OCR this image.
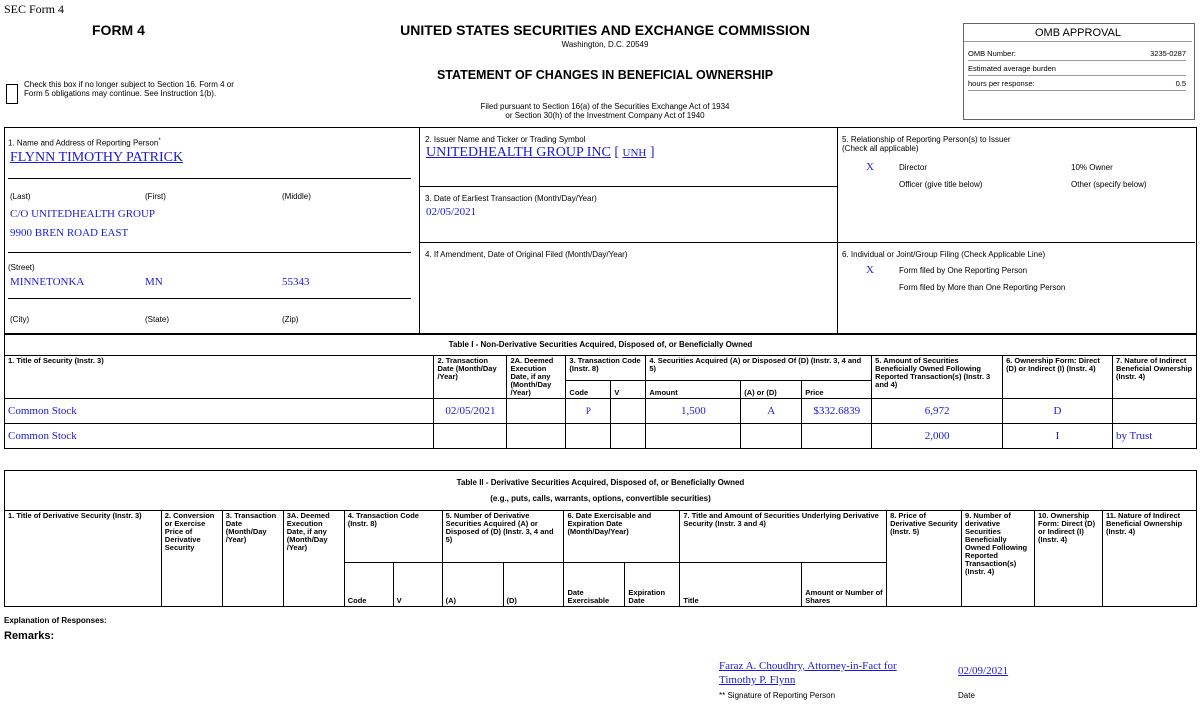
SEC Form 4
FORM 4	UNITED STATES SECURITIES AND EXCHANGE COMMISSION
Washington, D.C. 20549
STATEMENT OF CHANGES IN BENEFICIAL OWNERSHIP
Filed pursuant to Section 16(a) of the Securities Exchange Act of 1934
or Section 30(h) of the Investment Company Act of 1940
Check this box if no longer subject to Section 16. Form 4 or Form 5 obligations may continue. See Instruction 1(b).
OMB APPROVAL
OMB Number:	3235-0287
Estimated average burden
hours per response:	0.5
1. Name and Address of Reporting Person*
FLYNN TIMOTHY PATRICK
(Last)	(First)	(Middle)
C/O UNITEDHEALTH GROUP
9900 BREN ROAD EAST
(Street)
MINNETONKA	MN	55343
(City)	(State)	(Zip)
2. Issuer Name and Ticker or Trading Symbol
UNITEDHEALTH GROUP INC [ UNH ]
3. Date of Earliest Transaction (Month/Day/Year)
02/05/2021
4. If Amendment, Date of Original Filed (Month/Day/Year)
5. Relationship of Reporting Person(s) to Issuer
(Check all applicable)
X	Director	10% Owner
Officer (give title below)	Other (specify below)
6. Individual or Joint/Group Filing (Check Applicable Line)
X	Form filed by One Reporting Person
Form filed by More than One Reporting Person
Table I - Non-Derivative Securities Acquired, Disposed of, or Beneficially Owned										
1. Title of Security (Instr. 3)	2. Transaction Date (Month/Day /Year)	2A. Deemed Execution Date, if any (Month/Day /Year)	3. Transaction Code (Instr. 8)		4. Securities Acquired (A) or Disposed Of (D) (Instr. 3, 4 and 5)			5. Amount of Securities Beneficially Owned Following Reported Transaction(s) (Instr. 3 and 4)	6. Ownership Form: Direct (D) or Indirect (I) (Instr. 4)	7. Nature of Indirect Beneficial Ownership (Instr. 4)
			Code	V	Amount	(A) or (D)	Price			
Common Stock	02/05/2021		P		1,500	A	$332.6839	6,972	D	
Common Stock								2,000	I	by Trust
Table II - Derivative Securities Acquired, Disposed of, or Beneficially Owned
(e.g., puts, calls, warrants, options, convertible securities)															

1. Title of Derivative Security (Instr. 3)	2. Conversion or Exercise Price of Derivative Security	3. Transaction Date (Month/Day /Year)	3A. Deemed Execution Date, if any (Month/Day /Year)	4. Transaction Code (Instr. 8)		5. Number of Derivative Securities Acquired (A) or Disposed of (D) (Instr. 3, 4 and 5)		6. Date Exercisable and Expiration Date (Month/Day/Year)		7. Title and Amount of Securities Underlying Derivative Security (Instr. 3 and 4)		8. Price of Derivative Security (Instr. 5)	9. Number of derivative Securities Beneficially Owned Following Reported Transaction(s) (Instr. 4)	10. Ownership Form: Direct (D) or Indirect (I) (Instr. 4)	11. Nature of Indirect Beneficial Ownership (Instr. 4)
				Code	V	(A)	(D)	Date Exercisable	Expiration Date	Title	Amount or Number of Shares				
Explanation of Responses:
Remarks:
Faraz A. Choudhry, Attorney-in-Fact for Timothy P. Flynn
02/09/2021
** Signature of Reporting Person	Date
